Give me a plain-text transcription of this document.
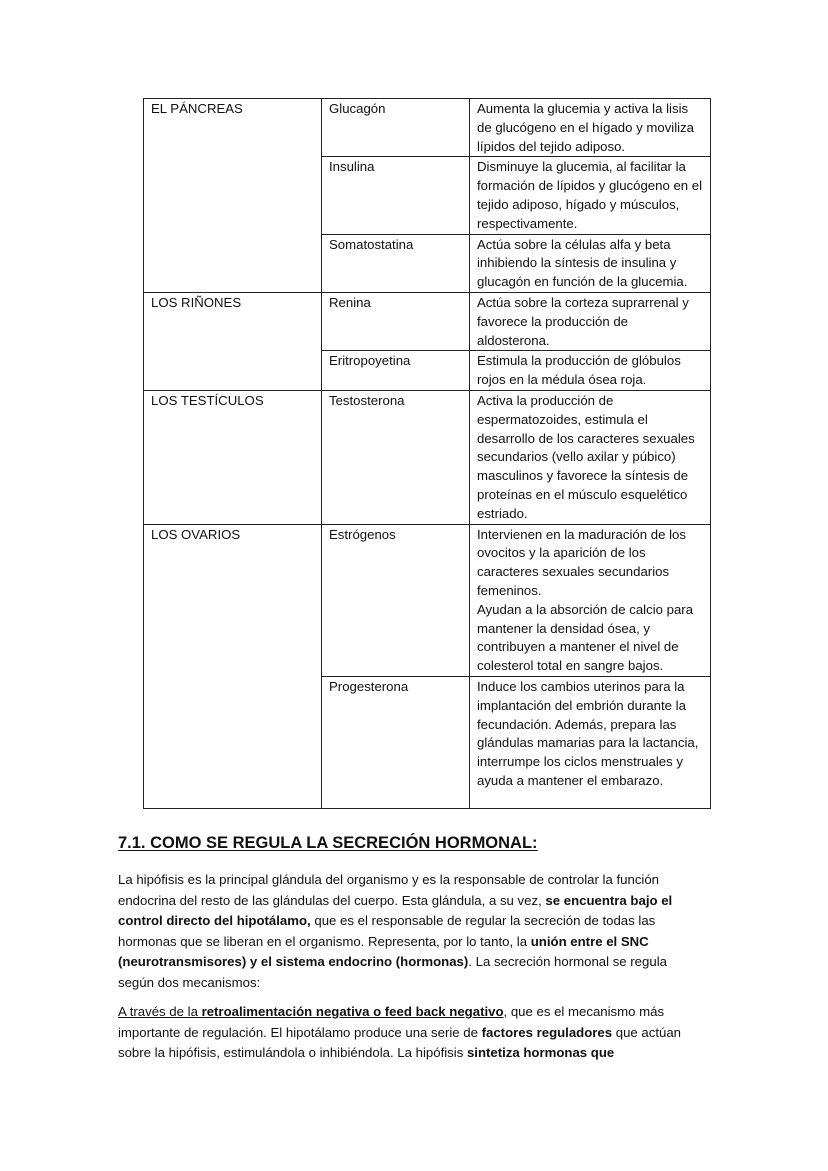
EL PÁNCREAS	Glucagón	Aumenta la glucemia y activa la lisis de glucógeno en el hígado y moviliza lípidos del tejido adiposo.
	Insulina	Disminuye la glucemia, al facilitar la formación de lípidos y glucógeno en el tejido adiposo, hígado y músculos, respectivamente.
	Somatostatina	Actúa sobre la células alfa y beta inhibiendo la síntesis de insulina y glucagón en función de la glucemia.
LOS RIÑONES	Renina	Actúa sobre la corteza suprarrenal y favorece la producción de aldosterona.
	Eritropoyetina	Estimula la producción de glóbulos rojos en la médula ósea roja.
LOS TESTÍCULOS	Testosterona	Activa la producción de espermatozoides, estimula el desarrollo de los caracteres sexuales secundarios (vello axilar y púbico) masculinos y favorece la síntesis de proteínas en el músculo esquelético estriado.
LOS OVARIOS	Estrógenos	Intervienen en la maduración de los ovocitos y la aparición de los caracteres sexuales secundarios femeninos.
Ayudan a la absorción de calcio para mantener la densidad ósea, y contribuyen a mantener el nivel de colesterol total en sangre bajos.
	Progesterona	Induce los cambios uterinos para la implantación del embrión durante la fecundación. Además, prepara las glándulas mamarias para la lactancia, interrumpe los ciclos menstruales y ayuda a mantener el embarazo.
7.1. COMO SE REGULA LA SECRECIÓN HORMONAL:

La hipófisis es la principal glándula del organismo y es la responsable de controlar la función endocrina del resto de las glándulas del cuerpo. Esta glándula, a su vez, se encuentra bajo el control directo del hipotálamo, que es el responsable de regular la secreción de todas las hormonas que se liberan en el organismo. Representa, por lo tanto, la unión entre el SNC (neurotransmisores) y el sistema endocrino (hormonas). La secreción hormonal se regula según dos mecanismos:

A través de la retroalimentación negativa o feed back negativo, que es el mecanismo más importante de regulación. El hipotálamo produce una serie de factores reguladores que actúan sobre la hipófisis, estimulándola o inhibiéndola. La hipófisis sintetiza hormonas que
